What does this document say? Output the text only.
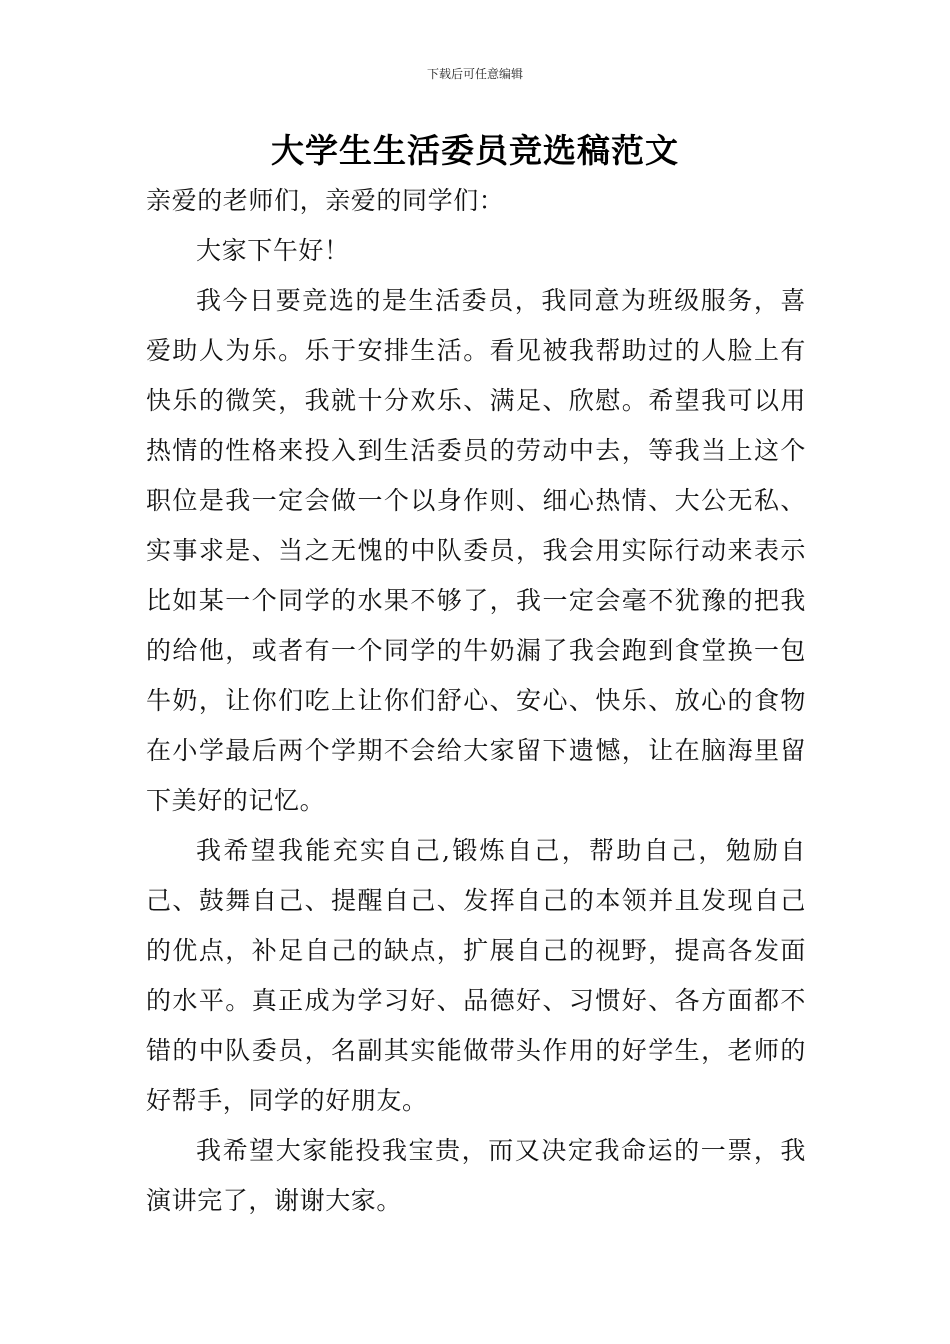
下载后可任意编辑
大学生生活委员竞选稿范文

亲爱的老师们，亲爱的同学们：

大家下午好！

我今日要竞选的是生活委员，我同意为班级服务，喜爱助人为乐。乐于安排生活。看见被我帮助过的人脸上有快乐的微笑，我就十分欢乐、满足、欣慰。希望我可以用热情的性格来投入到生活委员的劳动中去，等我当上这个职位是我一定会做一个以身作则、细心热情、大公无私、实事求是、当之无愧的中队委员，我会用实际行动来表示比如某一个同学的水果不够了，我一定会毫不犹豫的把我的给他，或者有一个同学的牛奶漏了我会跑到食堂换一包牛奶，让你们吃上让你们舒心、安心、快乐、放心的食物在小学最后两个学期不会给大家留下遗憾，让在脑海里留下美好的记忆。

我希望我能充实自己,锻炼自己，帮助自己，勉励自己、鼓舞自己、提醒自己、发挥自己的本领并且发现自己的优点，补足自己的缺点，扩展自己的视野，提高各发面的水平。真正成为学习好、品德好、习惯好、各方面都不错的中队委员，名副其实能做带头作用的好学生，老师的好帮手，同学的好朋友。

我希望大家能投我宝贵，而又决定我命运的一票，我演讲完了，谢谢大家。
